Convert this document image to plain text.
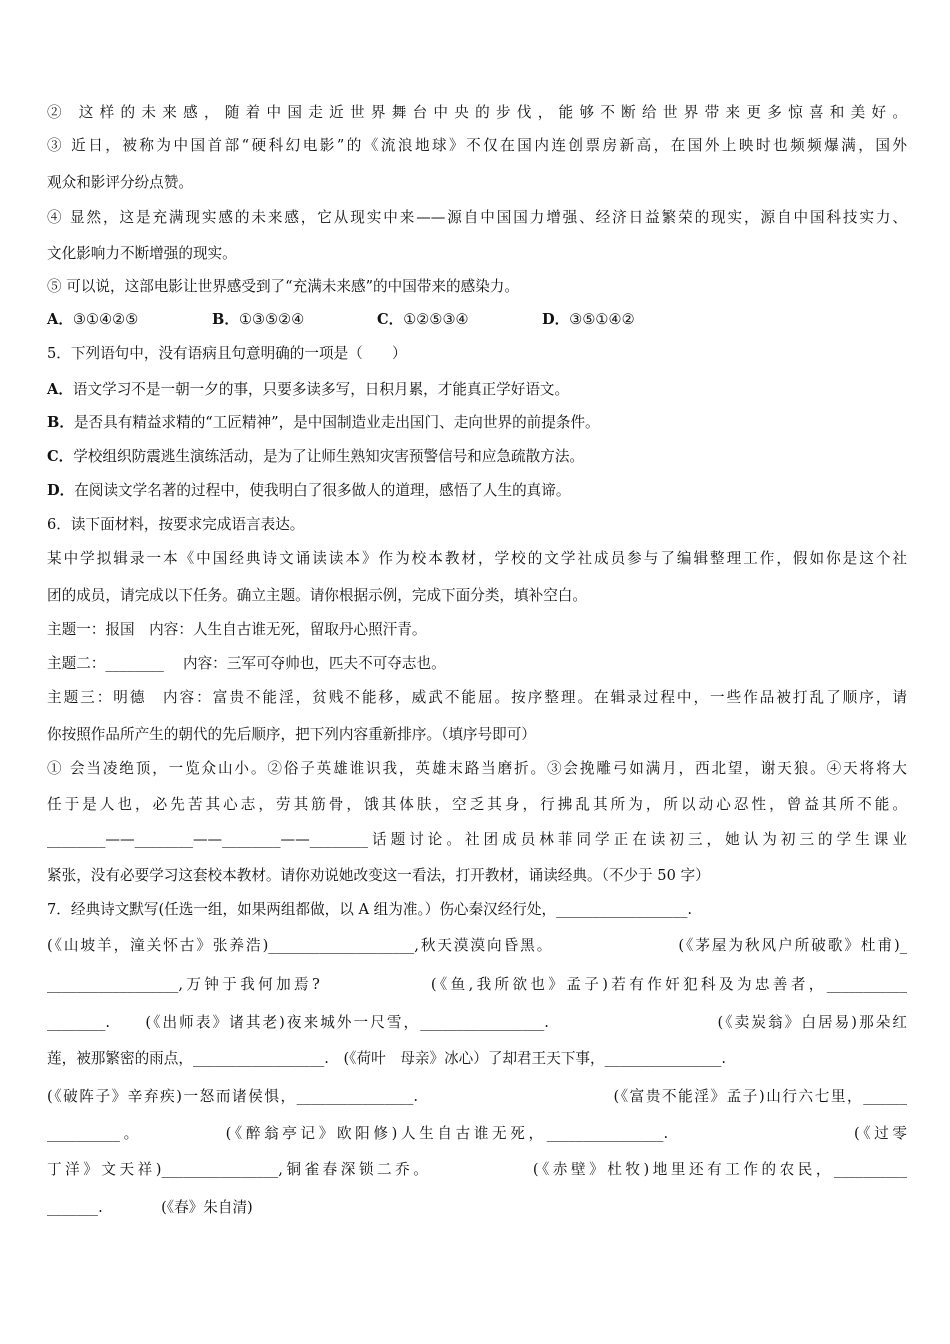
② 这样的未来感，随着中国走近世界舞台中央的步伐，能够不断给世界带来更多惊喜和美好。
③ 近日，被称为中国首部“硬科幻电影”的《流浪地球》不仅在国内连创票房新高，在国外上映时也频频爆满，国外
观众和影评分纷点赞。
④ 显然，这是充满现实感的未来感，它从现实中来——源自中国国力增强、经济日益繁荣的现实，源自中国科技实力、
文化影响力不断增强的现实。
⑤ 可以说，这部电影让世界感受到了“充满未来感”的中国带来的感染力。
A．③①④②⑤	B．①③⑤②④	C．①②⑤③④	D．③⑤①④②
5．下列语句中，没有语病且句意明确的一项是（　　）
A．语文学习不是一朝一夕的事，只要多读多写，日积月累，才能真正学好语文。
B．是否具有精益求精的“工匠精神”，是中国制造业走出国门、走向世界的前提条件。
C．学校组织防震逃生演练活动，是为了让师生熟知灾害预警信号和应急疏散方法。
D．在阅读文学名著的过程中，使我明白了很多做人的道理，感悟了人生的真谛。
6．读下面材料，按要求完成语言表达。
某中学拟辑录一本《中国经典诗文诵读读本》作为校本教材，学校的文学社成员参与了编辑整理工作，假如你是这个社
团的成员，请完成以下任务。确立主题。请你根据示例，完成下面分类，填补空白。
主题一：报国　内容：人生自古谁无死，留取丹心照汗青。
主题二：________　 内容：三军可夺帅也，匹夫不可夺志也。
主题三：明德　内容：富贵不能淫，贫贱不能移，威武不能屈。按序整理。在辑录过程中，一些作品被打乱了顺序，请
你按照作品所产生的朝代的先后顺序，把下列内容重新排序。（填序号即可）
① 会当凌绝顶，一览众山小。②俗子英雄谁识我，英雄末路当磨折。③会挽雕弓如满月，西北望，谢天狼。④天将将大
任于是人也，必先苦其心志，劳其筋骨，饿其体肤，空乏其身，行拂乱其所为，所以动心忍性，曾益其所不能。
________——________——________——________话题讨论。社团成员林菲同学正在读初三，她认为初三的学生课业
紧张，没有必要学习这套校本教材。请你劝说她改变这一看法，打开教材，诵读经典。（不少于 50 字）
7．经典诗文默写(任选一组，如果两组都做，以 A 组为准。）伤心秦汉经行处，__________________.
(《山坡羊，潼关怀古》张养浩)____________________,秋天漠漠向昏黑。　　　　　　　　(《茅屋为秋风户所破歌》杜甫)_
__________________,万钟于我何加焉?　　　　　　(《鱼,我所欲也》孟子)若有作奸犯科及为忠善者，___________
________.　　(《出师表》诸其老)夜来城外一尺雪，_________________.　　　　　　　　　　(《卖炭翁》白居易)那朵红
莲，被那繁密的雨点，__________________.　(《荷叶　母亲》冰心）了却君王天下事，________________.
(《破阵子》辛弃疾)一怒而诸侯惧，________________.　　　　　　　　　　　　(《富贵不能淫》孟子)山行六七里，______
__________。　　　　　(《醉翁亭记》欧阳修)人生自古谁无死，________________.　　　　　　　　　　(《过零
丁洋》文天祥)________________,铜雀春深锁二乔。　　　　　　(《赤壁》杜牧)地里还有工作的农民，__________
_______.　　　　(《春》朱自清)
